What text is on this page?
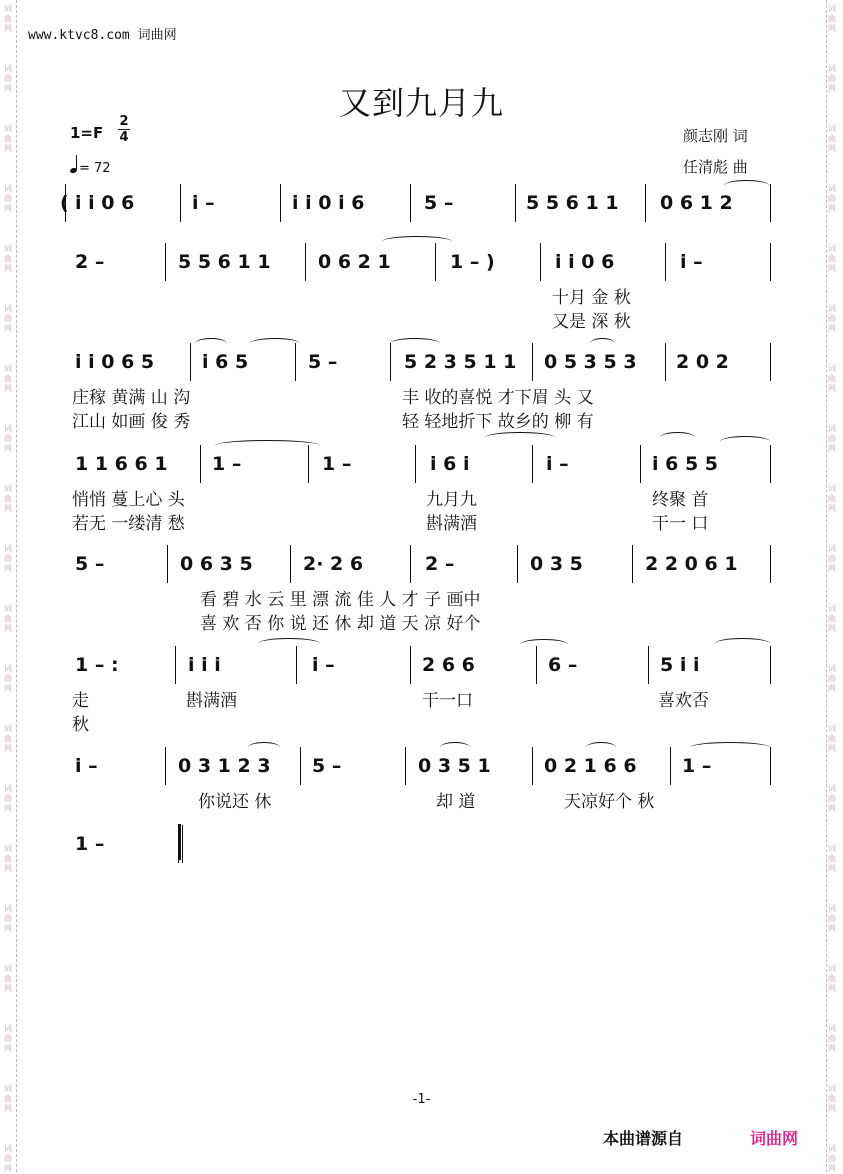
www.ktvc8.com 词曲网
又到九月九
颜志刚 词
任清彪 曲
1=F
2
4
= 72
( i i 0 6	i –	i i 0 i 6	5 –	5 5 6 1 1 0 6 1 2
2 –	5 5 6 1 1 0 6 2 1	1 – )	i i 0 6	i –
十月 金 秋
又是 深 秋
i i 0 6 5	i 6 5	5 –	5 2 3 5 1 1 0 5 3 5 3 2 0 2
庄稼 黄满 山 沟	丰 收的喜悦 才下眉 头 又
江山 如画 俊 秀	轻 轻地折下 故乡的 柳 有
1 1 6 6 1 1 –	1 –	i 6 i	i –	i 6 5 5
悄悄 蔓上心 头	九月九	终聚 首
若无 一缕清 愁	斟满酒	干一 口
5 –	0 6 3 5	2· 2 6	2 –	0 3 5	2 2 0 6 1
看 碧 水 云 里 漂 流 佳 人 才 子 画中
喜 欢 否 你 说 还 休 却 道 天 凉 好个
1 – :	i i i	i –	2 6 6	6 –	5 i i
走	斟满酒	干一口	喜欢否
秋
i –	0 3 1 2 3 5 –	0 3 5 1	0 2 1 6 6 1 –
你说还 休	却 道	天凉好个 秋
1 –
-1-
本曲谱源自	词曲网
词
曲
网
词
曲
网
词
曲
网
词
曲
网
词
曲
网
词
曲
网
词
曲
网
词
曲
网
词
曲
网
词
曲
网
词
曲
网
词
曲
网
词
曲
网
词
曲
网
词
曲
网
词
曲
网
词
曲
网
词
曲
网
词
曲
网
词
曲
网
词
曲
网
词
曲
网
词
曲
网
词
曲
网
词
曲
网
词
曲
网
词
曲
网
词
曲
网
词
曲
网
词
曲
网
词
曲
网
词
曲
网
词
曲
网
词
曲
网
词
曲
网
词
曲
网
词
曲
网
词
曲
网
词
曲
网
词
曲
网
